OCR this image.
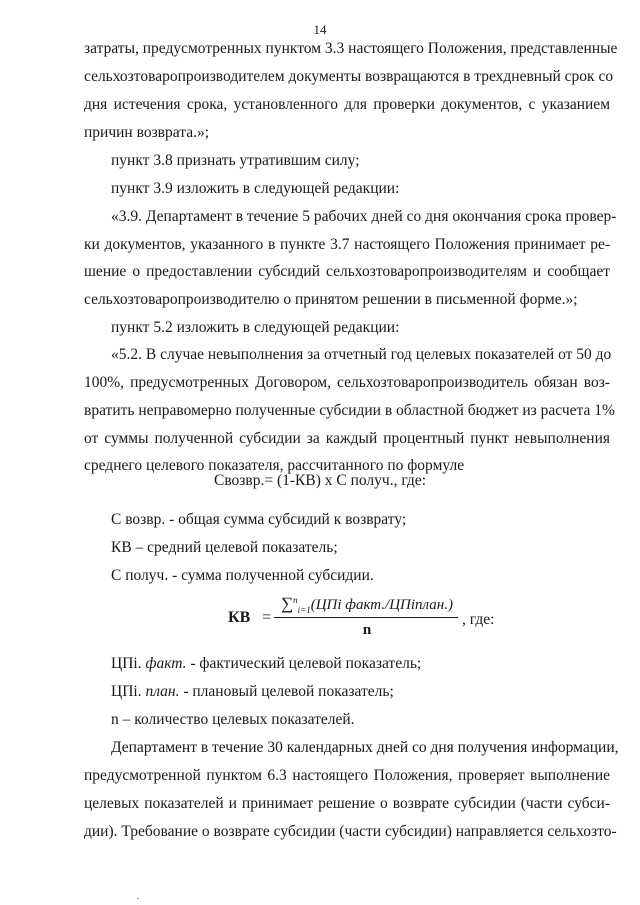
14
затраты, предусмотренных пунктом 3.3 настоящего Положения, представленные
сельхозтоваропроизводителем документы возвращаются в трехдневный срок со
дня истечения срока, установленного для проверки документов, с указанием
причин возврата.»;
пункт 3.8 признать утратившим силу;
пункт 3.9 изложить в следующей редакции:
«3.9. Департамент в течение 5 рабочих дней со дня окончания срока провер-
ки документов, указанного в пункте 3.7 настоящего Положения принимает ре-
шение о предоставлении субсидий сельхозтоваропроизводителям и сообщает
сельхозтоваропроизводителю о принятом решении в письменной форме.»;
пункт 5.2 изложить в следующей редакции:
«5.2. В случае невыполнения за отчетный год целевых показателей от 50 до
100%, предусмотренных Договором, сельхозтоваропроизводитель обязан воз-
вратить неправомерно полученные субсидии в областной бюджет из расчета 1%
от суммы полученной субсидии за каждый процентный пункт невыполнения
среднего целевого показателя, рассчитанного по формуле
Свозвр.= (1-КВ) х С получ., где:
С возвр. - общая сумма субсидий к возврату;
КВ – средний целевой показатель;
С получ. - сумма полученной субсидии.
КВ =
∑$^n_{i=1}$(ЦПi факт./ЦПiплан.)
n
, где:
ЦПi. факт. - фактический целевой показатель;
ЦПi. план. - плановый целевой показатель;
n – количество целевых показателей.
Департамент в течение 30 календарных дней со дня получения информации,
предусмотренной пунктом 6.3 настоящего Положения, проверяет выполнение
целевых показателей и принимает решение о возврате субсидии (части субси-
дии). Требование о возврате субсидии (части субсидии) направляется сельхозто-
·
